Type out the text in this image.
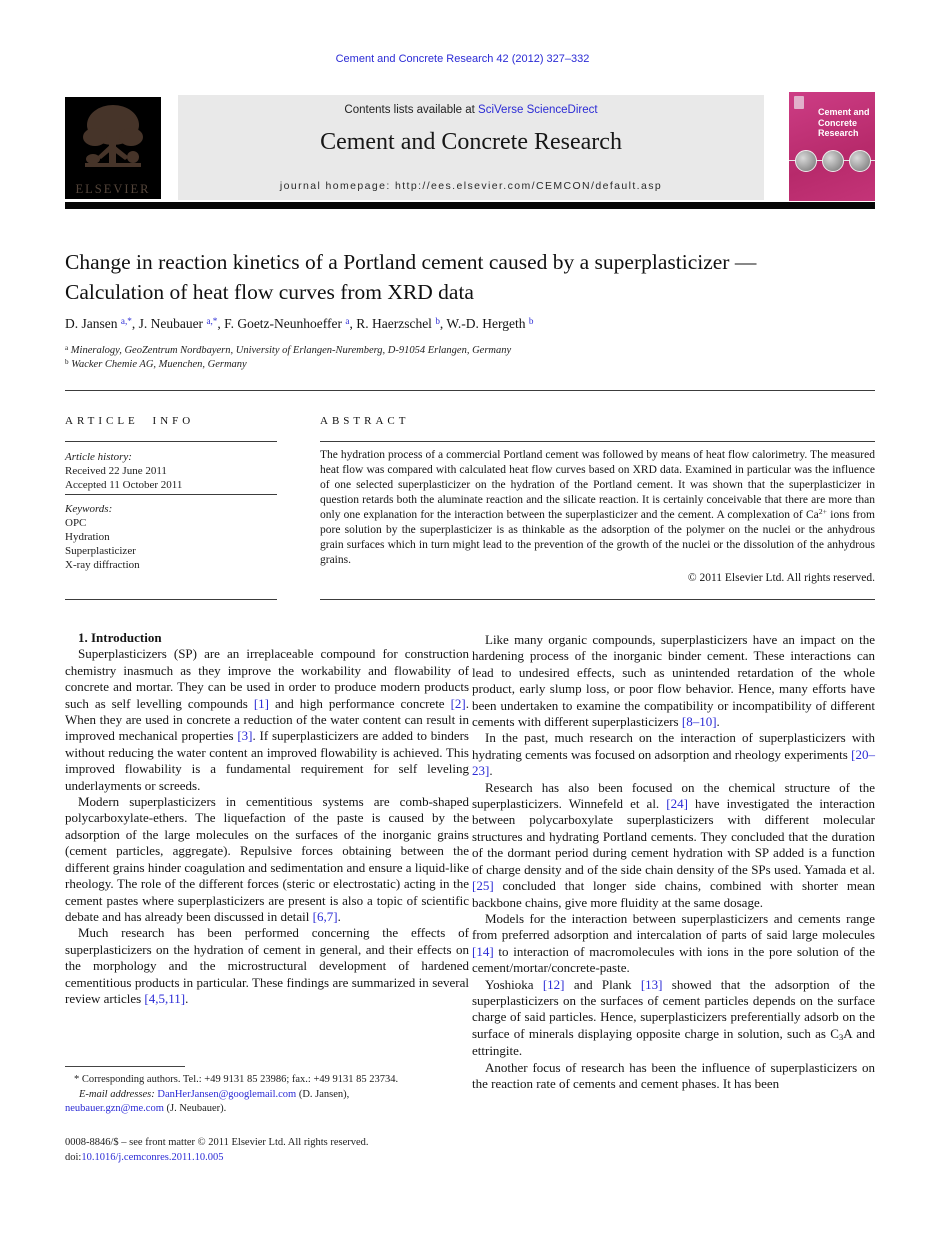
Cement and Concrete Research 42 (2012) 327–332
ELSEVIER
Contents lists available at SciVerse ScienceDirect
Cement and Concrete Research
journal homepage: http://ees.elsevier.com/CEMCON/default.asp
Cement and
Concrete
Research
Change in reaction kinetics of a Portland cement caused by a superplasticizer — Calculation of heat flow curves from XRD data
D. Jansen $^{a,*}$, J. Neubauer $^{a,*}$, F. Goetz-Neunhoeffer $^a$, R. Haerzschel $^b$, W.-D. Hergeth $^b$
$^a$ Mineralogy, GeoZentrum Nordbayern, University of Erlangen-Nuremberg, D-91054 Erlangen, Germany
$^b$ Wacker Chemie AG, Muenchen, Germany
ARTICLE INFO
Article history:
Received 22 June 2011
Accepted 11 October 2011
Keywords:
OPC
Hydration
Superplasticizer
X-ray diffraction
ABSTRACT
The hydration process of a commercial Portland cement was followed by means of heat flow calorimetry. The measured heat flow was compared with calculated heat flow curves based on XRD data. Examined in particular was the influence of one selected superplasticizer on the hydration of the Portland cement. It was shown that the superplasticizer in question retards both the aluminate reaction and the silicate reaction. It is certainly conceivable that there are more than only one explanation for the interaction between the superplasticizer and the cement. A complexation of $Ca^{2+}$ ions from pore solution by the superplasticizer is as thinkable as the adsorption of the polymer on the nuclei or the anhydrous grain surfaces which in turn might lead to the prevention of the growth of the nuclei or the dissolution of the anhydrous grains.
© 2011 Elsevier Ltd. All rights reserved.

1. Introduction

Superplasticizers (SP) are an irreplaceable compound for construction chemistry inasmuch as they improve the workability and flowability of concrete and mortar. They can be used in order to produce modern products such as self levelling compounds [1] and high performance concrete [2]. When they are used in concrete a reduction of the water content can result in improved mechanical properties [3]. If superplasticizers are added to binders without reducing the water content an improved flowability is achieved. This improved flowability is a fundamental requirement for self leveling underlayments or screeds.

Modern superplasticizers in cementitious systems are comb-shaped polycarboxylate-ethers. The liquefaction of the paste is caused by the adsorption of the large molecules on the surfaces of the inorganic grains (cement particles, aggregate). Repulsive forces obtaining between the different grains hinder coagulation and sedimentation and ensure a liquid-like rheology. The role of the different forces (steric or electrostatic) acting in the cement pastes where superplasticizers are present is also a topic of scientific debate and has already been discussed in detail [6,7].

Much research has been performed concerning the effects of superplasticizers on the hydration of cement in general, and their effects on the morphology and the microstructural development of hardened cementitious products in particular. These findings are summarized in several review articles [4,5,11].

Like many organic compounds, superplasticizers have an impact on the hardening process of the inorganic binder cement. These interactions can lead to undesired effects, such as unintended retardation of the whole product, early slump loss, or poor flow behavior. Hence, many efforts have been undertaken to examine the compatibility or incompatibility of different cements with different superplasticizers [8–10].

In the past, much research on the interaction of superplasticizers with hydrating cements was focused on adsorption and rheology experiments [20–23].

Research has also been focused on the chemical structure of the superplasticizers. Winnefeld et al. [24] have investigated the interaction between polycarboxylate superplasticizers with different molecular structures and hydrating Portland cements. They concluded that the duration of the dormant period during cement hydration with SP added is a function of charge density and of the side chain density of the SPs used. Yamada et al. [25] concluded that longer side chains, combined with shorter mean backbone chains, give more fluidity at the same dosage.

Models for the interaction between superplasticizers and cements range from preferred adsorption and intercalation of parts of said large molecules [14] to interaction of macromolecules with ions in the pore solution of the cement/mortar/concrete-paste.

Yoshioka [12] and Plank [13] showed that the adsorption of the superplasticizers on the surfaces of cement particles depends on the surface charge of said particles. Hence, superplasticizers preferentially adsorb on the surface of minerals displaying opposite charge in solution, such as C3A and ettringite.

Another focus of research has been the influence of superplasticizers on the reaction rate of cements and cement phases. It has been

* Corresponding authors. Tel.: +49 9131 85 23986; fax.: +49 9131 85 23734.
E-mail addresses: DanHerJansen@googlemail.com (D. Jansen),
neubauer.gzn@me.com (J. Neubauer).
0008-8846/$ – see front matter © 2011 Elsevier Ltd. All rights reserved.
doi:10.1016/j.cemconres.2011.10.005
